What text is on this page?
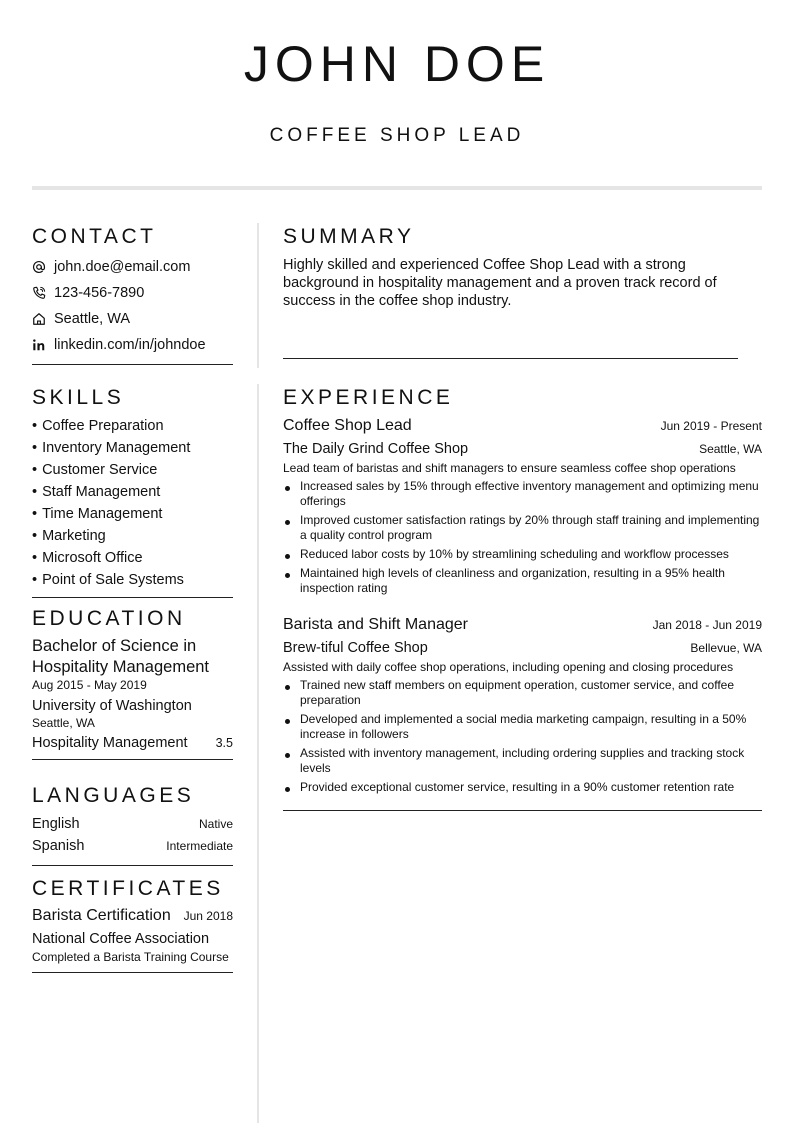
JOHN DOE
COFFEE SHOP LEAD
CONTACT
john.doe@email.com
123-456-7890
Seattle, WA
linkedin.com/in/johndoe
SKILLS
• Coffee Preparation
• Inventory Management
• Customer Service
• Staff Management
• Time Management
• Marketing
• Microsoft Office
• Point of Sale Systems
EDUCATION
Bachelor of Science in Hospitality Management
Aug 2015 - May 2019
University of Washington
Seattle, WA
Hospitality Management 3.5
LANGUAGES
English	Native
Spanish	Intermediate
CERTIFICATES
Barista Certification Jun 2018
National Coffee Association
Completed a Barista Training Course
SUMMARY
Highly skilled and experienced Coffee Shop Lead with a strong background in hospitality management and a proven track record of success in the coffee shop industry.
EXPERIENCE
Coffee Shop Lead	Jun 2019 - Present
The Daily Grind Coffee Shop	Seattle, WA
Lead team of baristas and shift managers to ensure seamless coffee shop operations
Increased sales by 15% through effective inventory management and optimizing menu offerings
Improved customer satisfaction ratings by 20% through staff training and implementing a quality control program
Reduced labor costs by 10% by streamlining scheduling and workflow processes
Maintained high levels of cleanliness and organization, resulting in a 95% health inspection rating
Barista and Shift Manager	Jan 2018 - Jun 2019
Brew-tiful Coffee Shop	Bellevue, WA
Assisted with daily coffee shop operations, including opening and closing procedures
Trained new staff members on equipment operation, customer service, and coffee preparation
Developed and implemented a social media marketing campaign, resulting in a 50% increase in followers
Assisted with inventory management, including ordering supplies and tracking stock levels
Provided exceptional customer service, resulting in a 90% customer retention rate
